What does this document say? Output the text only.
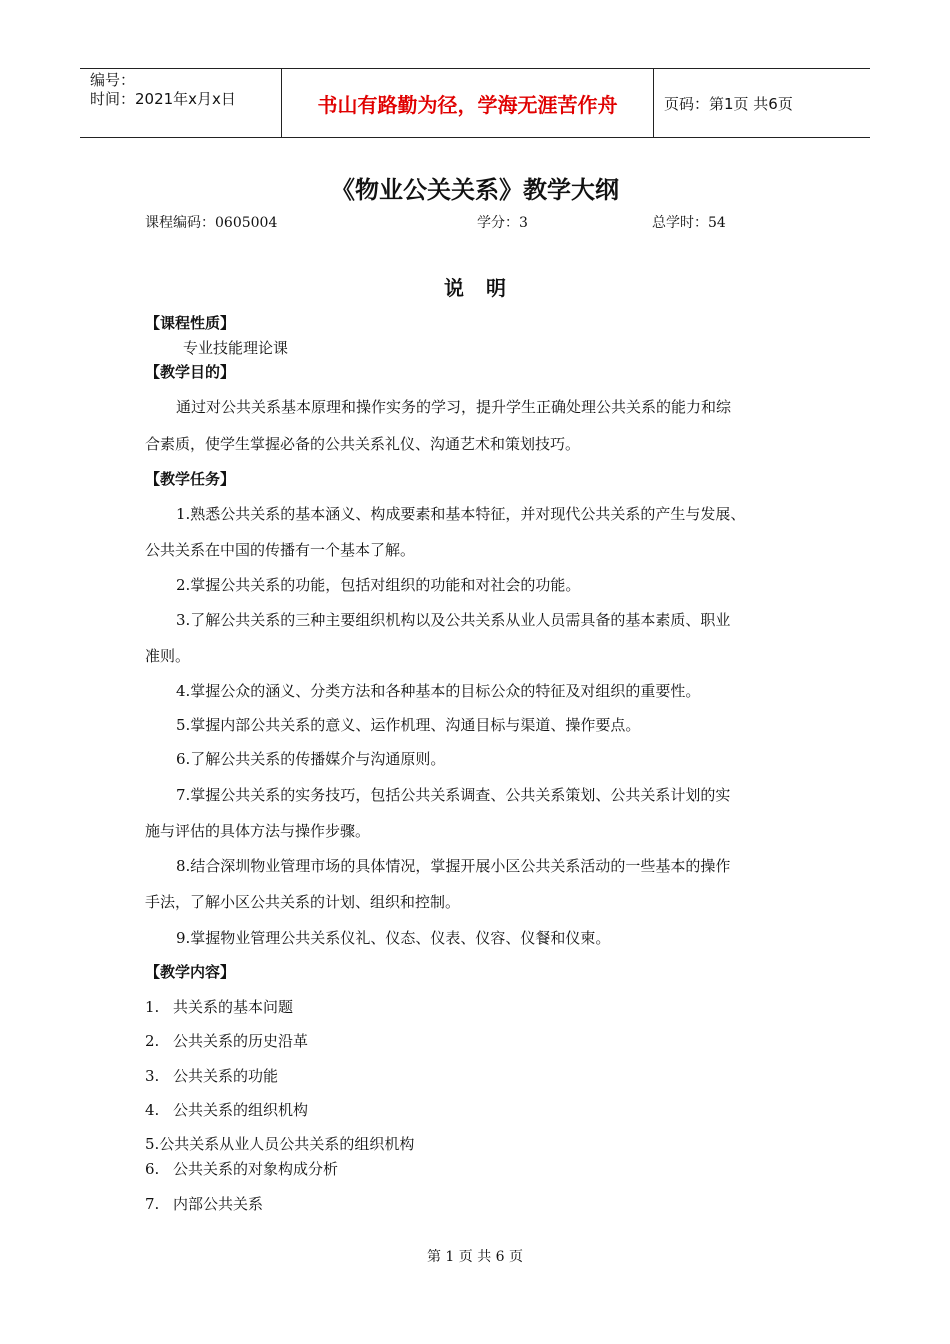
编号：
时间：2021年x月x日	书山有路勤为径，学海无涯苦作舟	页码：第1页 共6页
《物业公关关系》教学大纲
课程编码：0605004	学分：3	总学时：54
说明
【课程性质】
专业技能理论课
【教学目的】
通过对公共关系基本原理和操作实务的学习，提升学生正确处理公共关系的能力和综
合素质，使学生掌握必备的公共关系礼仪、沟通艺术和策划技巧。
【教学任务】
1.熟悉公共关系的基本涵义、构成要素和基本特征，并对现代公共关系的产生与发展、
公共关系在中国的传播有一个基本了解。
2.掌握公共关系的功能，包括对组织的功能和对社会的功能。
3.了解公共关系的三种主要组织机构以及公共关系从业人员需具备的基本素质、职业
准则。
4.掌握公众的涵义、分类方法和各种基本的目标公众的特征及对组织的重要性。
5.掌握内部公共关系的意义、运作机理、沟通目标与渠道、操作要点。
6.了解公共关系的传播媒介与沟通原则。
7.掌握公共关系的实务技巧，包括公共关系调查、公共关系策划、公共关系计划的实
施与评估的具体方法与操作步骤。
8.结合深圳物业管理市场的具体情况，掌握开展小区公共关系活动的一些基本的操作
手法，了解小区公共关系的计划、组织和控制。
9.掌握物业管理公共关系仪礼、仪态、仪表、仪容、仪餐和仪柬。
【教学内容】
1. 共关系的基本问题
2. 公共关系的历史沿革
3. 公共关系的功能
4. 公共关系的组织机构
5.公共关系从业人员公共关系的组织机构
6. 公共关系的对象构成分析
7. 内部公共关系
第 1 页 共 6 页
